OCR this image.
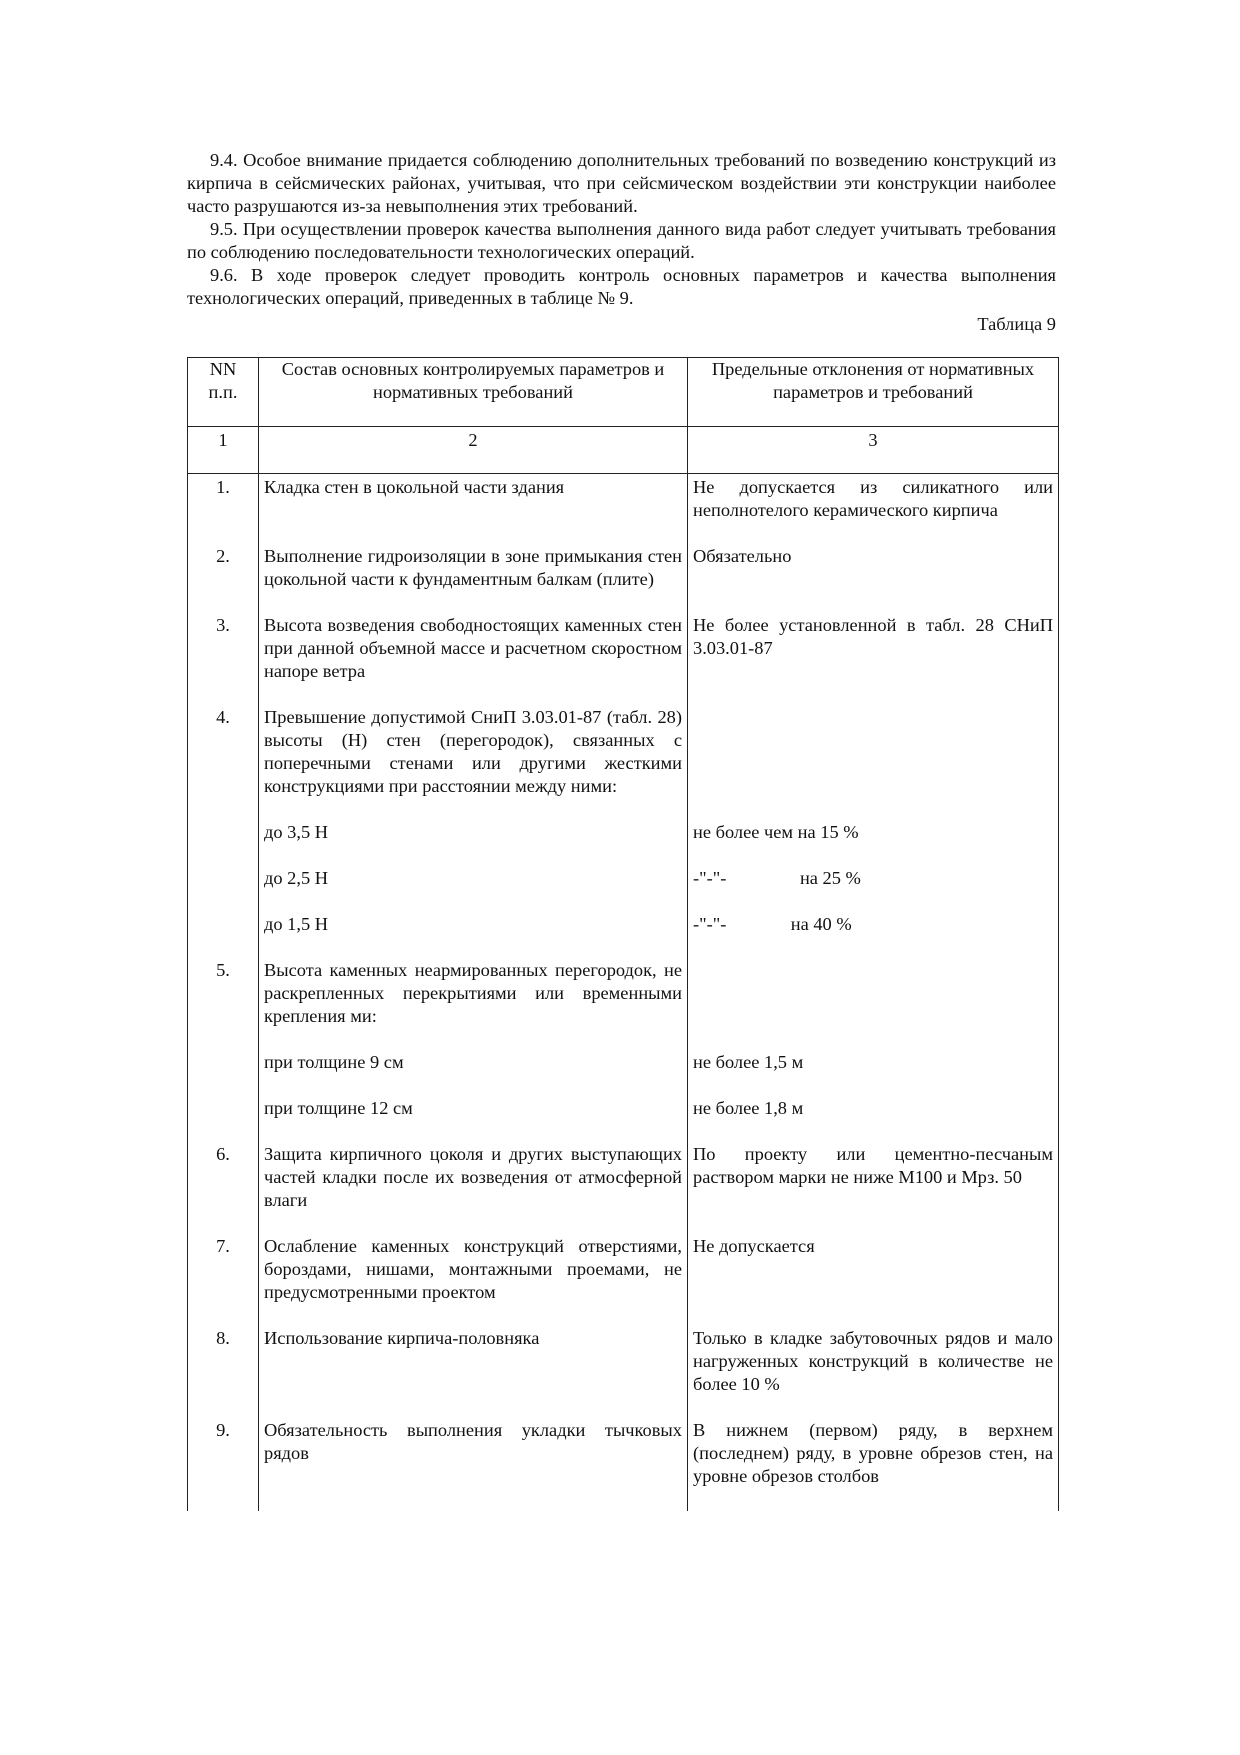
9.4. Особое внимание придается соблюдению дополнительных требований по возведению конструкций из кирпича в сейсмических районах, учитывая, что при сейсмическом воздействии эти конструкции наиболее часто разрушаются из-за невыполнения этих требований.

9.5. При осуществлении проверок качества выполнения данного вида работ следует учитывать требования по соблюдению последовательности технологических операций.

9.6. В ходе проверок следует проводить контроль основных параметров и качества выполнения технологических операций, приведенных в таблице № 9.

Таблица 9

NN п.п.	Состав основных контролируемых параметров и нормативных требований	Предельные отклонения от нормативных параметров и требований
1	2	3
1.	Кладка стен в цокольной части здания	Не допускается из силикатного или неполнотелого керамического кирпича

2.	Выполнение гидроизоляции в зоне примыкания стен цокольной части к фундаментным балкам (плите)	Обязательно

3.	Высота возведения свободностоящих каменных стен при данной объемной массе и расчетном скоростном напоре ветра	Не более установленной в табл. 28 СНиП 3.03.01-87

4.	Превышение допустимой СниП 3.03.01-87 (табл. 28) высоты (Н) стен (перегородок), связанных с поперечными стенами или другими жесткими конструкциями при расстоянии между ними:	

	до 3,5 Н	не более чем на 15 %

	до 2,5 Н	-"-"-                на 25 %

	до 1,5 Н	-"-"-              на 40 %

5.	Высота каменных неармированных перегородок, не раскрепленных перекрытиями или временными крепления ми:	

	при толщине 9 см	не более 1,5 м

	при толщине 12 см	не более 1,8 м

6.	Защита кирпичного цоколя и других выступающих частей кладки после их возведения от атмосферной влаги	По проекту или цементно-песчаным раствором марки не ниже М100 и Мрз. 50

7.	Ослабление каменных конструкций отверстиями, бороздами, нишами, монтажными проемами, не предусмотренными проектом	Не допускается

8.	Использование кирпича-половняка	Только в кладке забутовочных рядов и мало нагруженных конструкций в количестве не более 10 %

9.	Обязательность выполнения укладки тычковых рядов	В нижнем (первом) ряду, в верхнем (последнем) ряду, в уровне обрезов стен, на уровне обрезов столбов
